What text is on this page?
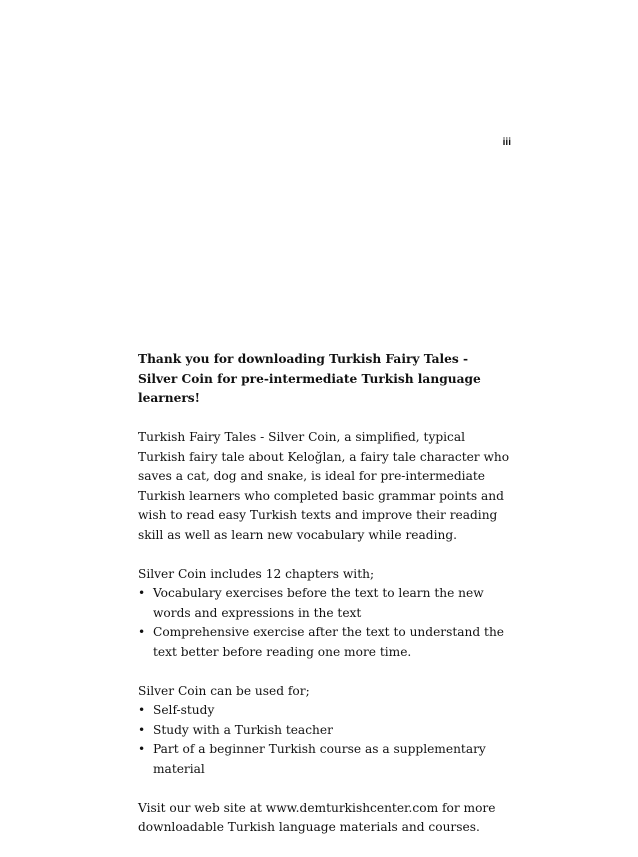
iii

Thank you for downloading Turkish Fairy Tales - Silver Coin for pre-intermediate Turkish language learners!

Turkish Fairy Tales - Silver Coin, a simplified, typical Turkish fairy tale about Keloğlan, a fairy tale character who saves a cat, dog and snake, is ideal for pre-intermediate Turkish learners who completed basic grammar points and wish to read easy Turkish texts and improve their reading skill as well as learn new vocabulary while reading.

Silver Coin includes 12 chapters with;

• Vocabulary exercises before the text to learn the new words and expressions in the text
• Comprehensive exercise after the text to understand the text better before reading one more time.

Silver Coin can be used for;

• Self-study
• Study with a Turkish teacher
• Part of a beginner Turkish course as a supplementary material

Visit our web site at www.demturkishcenter.com for more downloadable Turkish language materials and courses.
